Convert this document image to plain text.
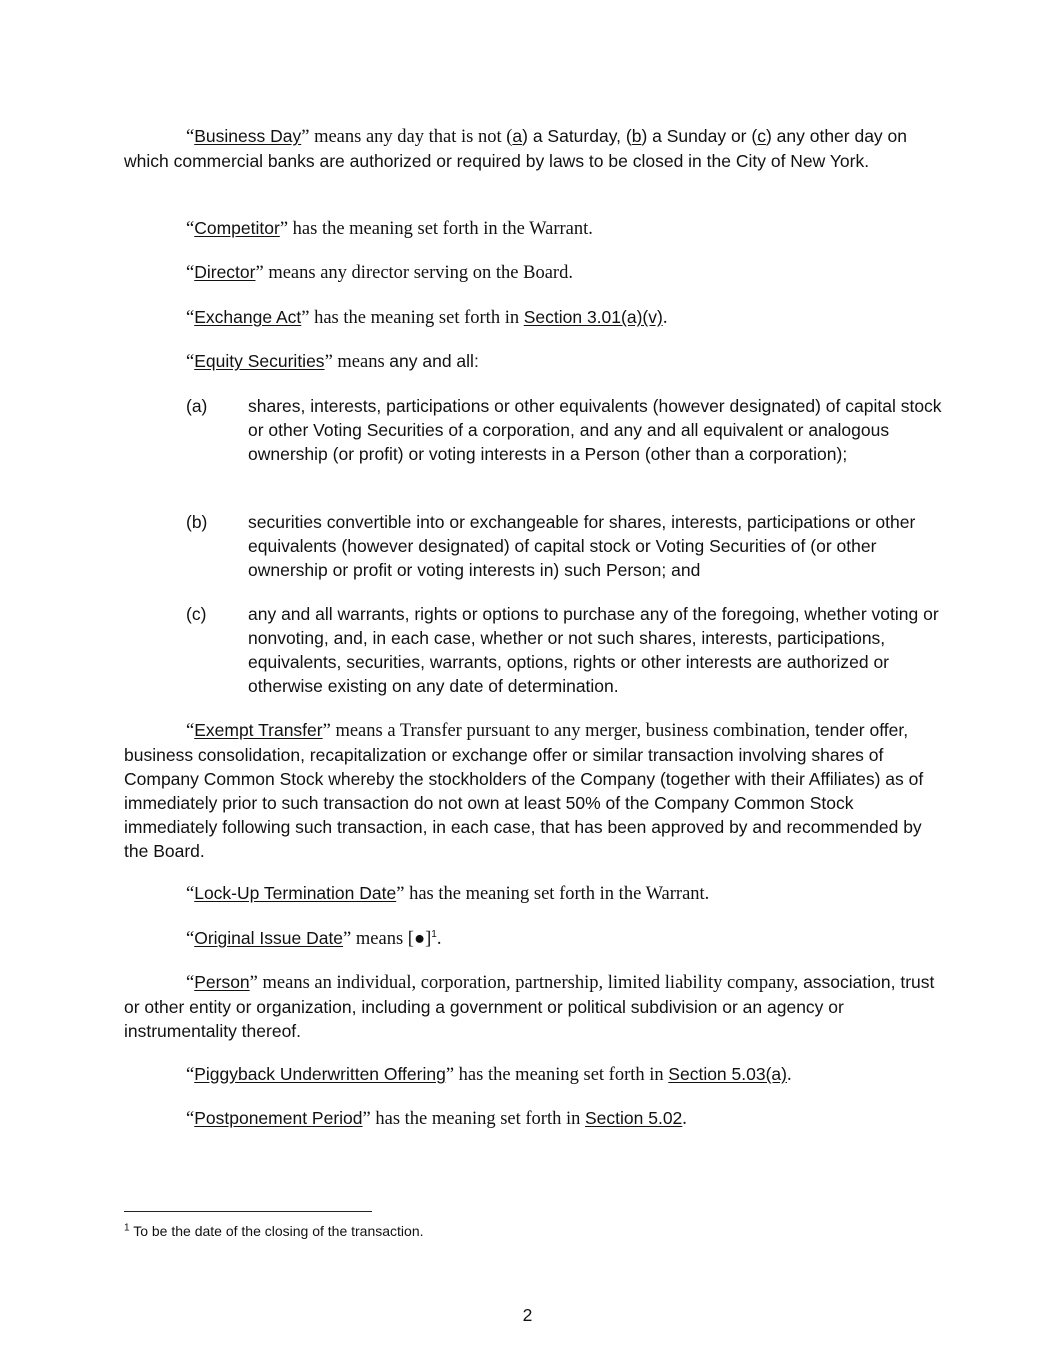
“Business Day” means any day that is not (a) a Saturday, (b) a Sunday or (c) any other day on which commercial banks are authorized or required by laws to be closed in the City of New York.
“Competitor” has the meaning set forth in the Warrant.
“Director” means any director serving on the Board.
“Exchange Act” has the meaning set forth in Section 3.01(a)(v).
“Equity Securities” means any and all:
(a)	shares, interests, participations or other equivalents (however designated) of capital stock or other Voting Securities of a corporation, and any and all equivalent or analogous ownership (or profit) or voting interests in a Person (other than a corporation);
(b)	securities convertible into or exchangeable for shares, interests, participations or other equivalents (however designated) of capital stock or Voting Securities of (or other ownership or profit or voting interests in) such Person; and
(c)	any and all warrants, rights or options to purchase any of the foregoing, whether voting or nonvoting, and, in each case, whether or not such shares, interests, participations, equivalents, securities, warrants, options, rights or other interests are authorized or otherwise existing on any date of determination.
“Exempt Transfer” means a Transfer pursuant to any merger, business combination, tender offer, business consolidation, recapitalization or exchange offer or similar transaction involving shares of Company Common Stock whereby the stockholders of the Company (together with their Affiliates) as of immediately prior to such transaction do not own at least 50% of the Company Common Stock immediately following such transaction, in each case, that has been approved by and recommended by the Board.
“Lock-Up Termination Date” has the meaning set forth in the Warrant.
“Original Issue Date” means [●]$^1$.
“Person” means an individual, corporation, partnership, limited liability company, association, trust or other entity or organization, including a government or political subdivision or an agency or instrumentality thereof.
“Piggyback Underwritten Offering” has the meaning set forth in Section 5.03(a).
“Postponement Period” has the meaning set forth in Section 5.02.
$^1$ To be the date of the closing of the transaction.
2
